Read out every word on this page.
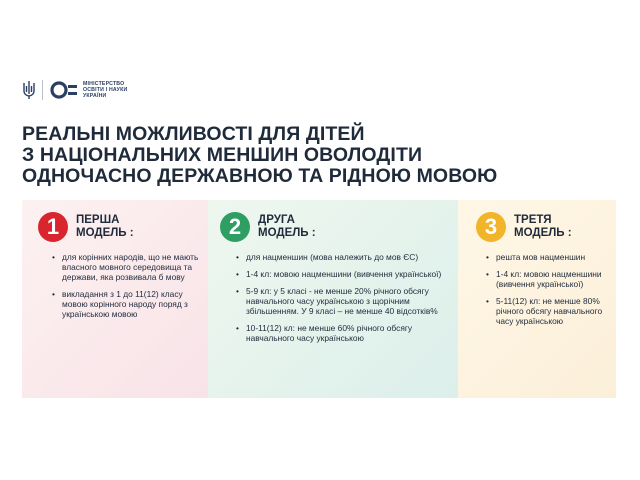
МІНІСТЕРСТВО
ОСВІТИ І НАУКИ
УКРАЇНИ
РЕАЛЬНІ МОЖЛИВОСТІ ДЛЯ ДІТЕЙ
З НАЦІОНАЛЬНИХ МЕНШИН ОВОЛОДІТИ
ОДНОЧАСНО ДЕРЖАВНОЮ ТА РІДНОЮ МОВОЮ
1	ПЕРША
МОДЕЛЬ :
• для корінних народів, що не мають власного мовного середовища та держави, яка розвивала б мову
• викладання з 1 до 11(12) класу мовою корінного народу поряд з українською мовою
2	ДРУГА
МОДЕЛЬ :
• для нацменшин (мова належить до мов ЄС)
• 1-4 кл: мовою нацменшини (вивчення української)
• 5-9 кл: у 5 класі - не менше 20% річного обсягу навчального часу українською з щорічним збільшенням. У 9 класі – не менше 40 відсотків%
• 10-11(12) кл: не менше 60% річного обсягу навчального часу українською
3	ТРЕТЯ
МОДЕЛЬ :
• решта мов нацменшин
• 1-4 кл: мовою нацменшини (вивчення української)
• 5-11(12) кл: не менше 80% річного обсягу навчального часу українською
